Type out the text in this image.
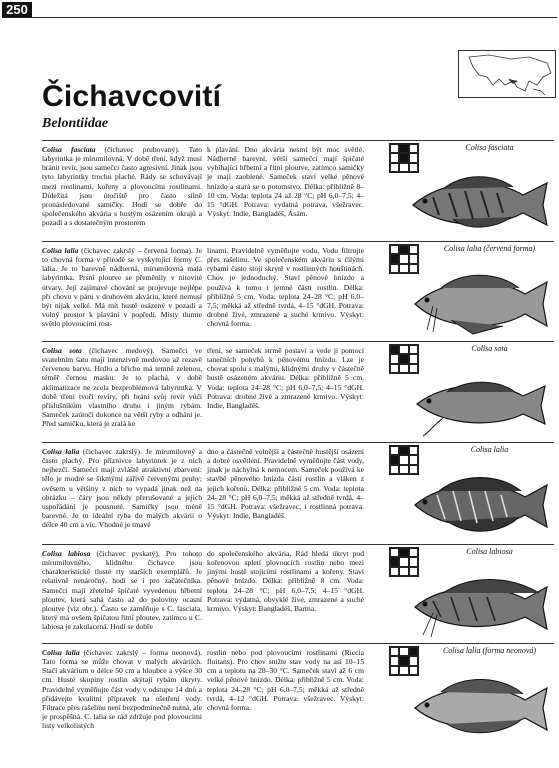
250
Čichavcovití
Belontiidae

Colisa fasciata (čichavec pruhovaný). Tato labyrintka je mírumilovná. V době tření, když musí bránit revír, jsou samečci často agresivní. Jinak jsou tyto labyrintky trochu plaché. Rády se schovávají mezi rostlinami, kořeny a plovoucími rostlinami. Důležitá jsou útočiště pro často silně pronásledované samičky. Hodí se dobře do společenského akvária s hustým osázením okrajů a pozadí a s dostatečným prostorem

k plavání. Dno akvária nesmí být moc světlé. Nádherně barevní, větší samečci mají špičaté vybíhající hřbetní a řitní ploutve, zatímco samičky je mají zaoblené. Sameček staví velké pěnové hnízdo a stará se o potomstvo. Délka: přibližně 8–10 cm. Voda: teplota 24 až 28 °C; pH 6,0–7,5; 4–15 °dGH. Potrava: vydatná potrava, všežravec. Výskyt: Indie, Bangladéš, Ásám.

Colisa fasciata

Colisa lalia (čichavec zakrslý – červená forma). Je to chovná forma v přírodě se vyskytující formy C. lalia. Je to barevně nádherná, mírumilovná malá labyrintka. Prsní ploutve se přeměnily v nitovité útvary. Její zajímavé chování se projevuje nejlépe při chovu v páru v druhovém akváriu, které nemusí být nijak velké. Má mít hustě osázený v pozadí a volný prostor k plavání v popředí. Místy tlumte světlo plovoucími rost-

linami. Pravidelně vyměňujte vodu. Vodu filtrujte přes rašelinu. Ve společenském akváriu s čilými rybami často stojí skrytě v rostlinných houštinách. Chov je jednoduchý. Staví pěnové hnízdo a používá k tomu i jemné části rostlin. Délka: přibližně 5 cm. Voda: teplota 24–28 °C; pH 6,0–7,5; měkká až středně tvrdá, 4–15 °dGH. Potrava: drobné živé, zmrazené a suché krmivo. Výskyt: chovná forma.

Colisa lalia (červená forma)

Colisa sota (čichavec medový). Samečci ve svatebním šatu mají intenzivně medovou až rezavě červenou barvu. Hrdlo a břicho má temně zelenou, téměř černou masku. Je to plachá, v době aklimatizace ne zcela bezproblémová labyrintka. V době tření tvoří revíry, při brání svůj revír vůči příslušníkům vlastního druhu i jiným rybám. Sameček zaútočí dokonce na větší ryby a odhání je. Před samičku, která je zralá ke

tření, se sameček strmě postaví a vede ji pomocí tanečních pohybů k pěnovému hnízdu. Lze je chovat spolu s malými, klidnými druhy v částečně hustě osázeném akváriu. Délka: přibližně 5 cm. Voda: teplota 24–28 °C; pH 6,0–7,5; 4–15 °dGH. Potrava: drobné živé a zmrazené krmivo. Výskyt: Indie, Bangladéš.

Colisa sota

Colisa lalia (čichavec zakrslý). Je mírumilovný a často plachý. Pro příznivce labyrintek je z nich nejhezčí. Samečci mají zvláště atraktivní zbarvení: tělo je modré se šikmými zářivě červenými pruhy; ověsem u většiny z nich to vypadá jinak než na obrázku – čáry jsou někdy přerušované a jejich uspořádání je pousnuté. Samičky jsou méně barevné. Je to ideální ryba do malých akvárií o délce 40 cm a víc. Vhodné je tmavé

dno a částečně volnější a částečně hustější osázení a dobré osvětlení. Pravidelně vyměňujte část vody, jinak je náchylná k nemocem. Sameček používá ke stavbě pěnového hnízda části rostlin a vláken z jejich kořenů. Délka: přibližně 5 cm. Voda: teplota 24–28 °C; pH 6,0–7,5; měkká až středně tvrdá, 4–15 °dGH. Potrava: všežravec, i rostlinná potrava. Výskyt: Indie, Bangladéš.

Colisa lalia

Colisa labiosa (čichavec pyskatý). Pro tohoto mírumilovného, klidného čichavce jsou charakteristické tlusté rty starších exemplářů. Je relativně nenáročný, hodí se i pro začátečníka. Samečci mají zřetelně špičaté vyvedenou hřbetní ploutev, která sahá často až do poloviny ocasní ploutve (viz obr.). Často se zaměňuje s C. fasciata, který má ovšem špičatou řitní ploutev, zatímco u C. labiosa je zakulacená. Hodí se dobře

do společenského akvária. Rád hledá úkryt pod kořenovou spletí plovoucích rostlin nebo mezi jinými hustě stojícími rostlinami a kořeny. Staví pěnové hnízdo. Délka: přibližně 8 cm. Voda: teplota 24–28 °C; pH 6,0–7,5; 4–15 °dGH. Potrava: vydatná, obvyklé živé, zmrazené a suché krmivo. Výskyt: Bangladéš, Barma.

Colisa labiosa

Colisa lalia (čichavec zakrslý – forma neonová). Tato forma se může chovat v malých akváriích. Stačí akvárium o délce 50 cm a hloubce a výšce 30 cm. Husté skupiny rostlin skýtají rybám úkryty. Pravidelně vyměňujte část vody v odstupu 14 dnů a přidávejte kvalitní přípravek na ošetření vody. Filtrace přes rašelinu není bezpodmínečně nutná, ale je prospěšná. C. lalia se rád zdržuje pod plovoucími listy velkolistých

rostlin nebo pod plovoucími rostlinami (Riccia fluitans). Pro chov snižte stav vody na asi 10–15 cm a teplotu na 28–30 °C. Sameček staví až 6 cm velké pěnové hnízdo. Délka: přibližně 5 cm. Voda: teplota 24–28 °C; pH 6,0–7,5; měkká až středně tvrdá, 4–12 °dGH. Potrava: všežravec. Výskyt: chovná forma.

Colisa lalia (forma neonová)
